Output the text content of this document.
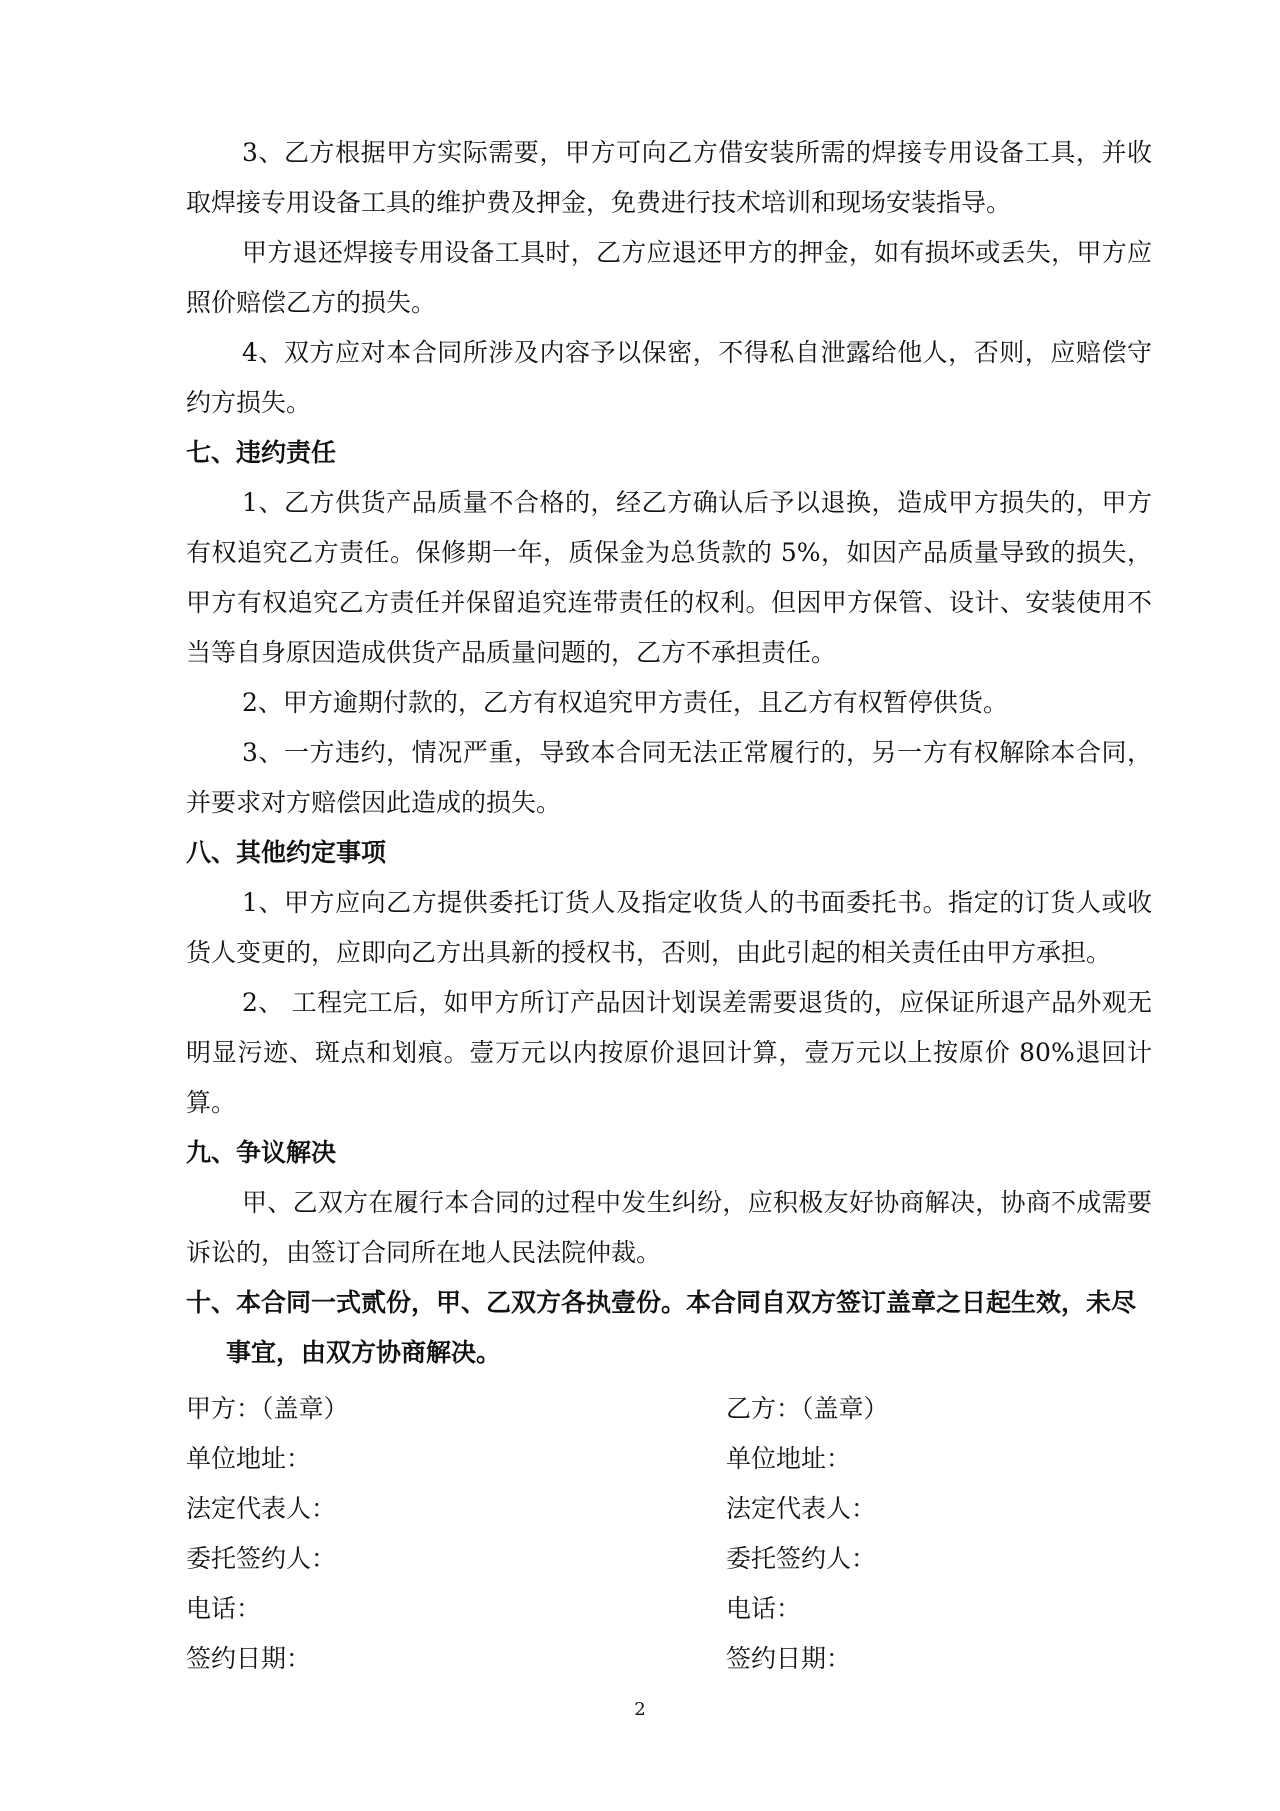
3、乙方根据甲方实际需要，甲方可向乙方借安装所需的焊接专用设备工具，并收取焊接专用设备工具的维护费及押金，免费进行技术培训和现场安装指导。

甲方退还焊接专用设备工具时，乙方应退还甲方的押金，如有损坏或丢失，甲方应照价赔偿乙方的损失。

4、双方应对本合同所涉及内容予以保密，不得私自泄露给他人，否则，应赔偿守约方损失。

七、违约责任

1、乙方供货产品质量不合格的，经乙方确认后予以退换，造成甲方损失的，甲方有权追究乙方责任。保修期一年，质保金为总货款的 5%，如因产品质量导致的损失，甲方有权追究乙方责任并保留追究连带责任的权利。但因甲方保管、设计、安装使用不当等自身原因造成供货产品质量问题的，乙方不承担责任。

2、甲方逾期付款的，乙方有权追究甲方责任，且乙方有权暂停供货。

3、一方违约，情况严重，导致本合同无法正常履行的，另一方有权解除本合同，并要求对方赔偿因此造成的损失。

八、其他约定事项

1、甲方应向乙方提供委托订货人及指定收货人的书面委托书。指定的订货人或收货人变更的，应即向乙方出具新的授权书，否则，由此引起的相关责任由甲方承担。

2、 工程完工后，如甲方所订产品因计划误差需要退货的，应保证所退产品外观无明显污迹、斑点和划痕。壹万元以内按原价退回计算，壹万元以上按原价 80%退回计算。

九、争议解决

甲、乙双方在履行本合同的过程中发生纠纷，应积极友好协商解决，协商不成需要诉讼的，由签订合同所在地人民法院仲裁。

十、本合同一式贰份，甲、乙双方各执壹份。本合同自双方签订盖章之日起生效，未尽

事宜，由双方协商解决。

甲方：（盖章）	乙方：（盖章）
单位地址：	单位地址：
法定代表人：	法定代表人：
委托签约人：	委托签约人：
电话：	电话：
签约日期：	签约日期：
2
